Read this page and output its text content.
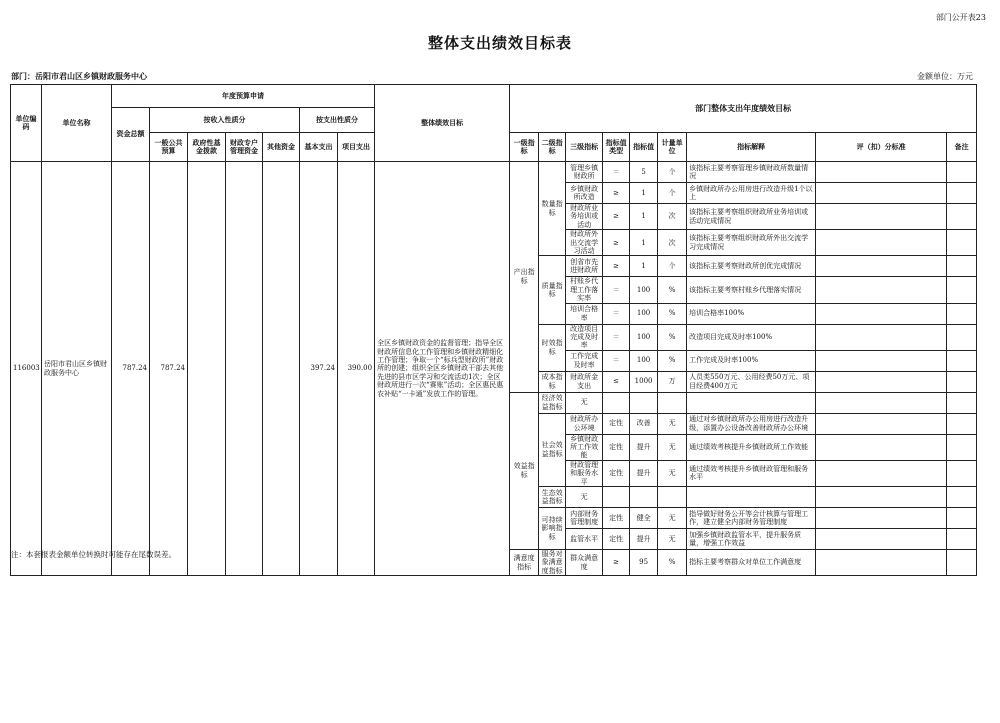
部门公开表23
整体支出绩效目标表
部门：岳阳市君山区乡镇财政服务中心	金额单位：万元
单位编码	单位名称	年度预算申请							整体绩效目标	部门整体支出年度绩效目标								
		资金总额	按收入性质分				按支出性质分											
			一般公共预算	政府性基金拨款	财政专户管理资金	其他资金	基本支出	项目支出		一级指标	二级指标	三级指标	指标值类型	指标值	计量单位	指标解释	评（扣）分标准	备注
116003	岳阳市君山区乡镇财政服务中心	787.24	787.24				397.24	390.00	全区乡镇财政资金的监督管理；指导全区财政所信息化工作管理和乡镇财政精细化工作管理；争取一个“标兵型财政所”财政所的创建；组织全区乡镇财政干部去其他先进的县市区学习和交流活动1次；全区财政所进行一次“赛账”活动；全区惠民惠农补贴“一卡通”发放工作的管理。	产出指标	数量指标	管理乡镇财政所	＝	5	个	该指标主要考察管理乡镇财政所数量情况		
												乡镇财政所改造	≥	1	个	乡镇财政所办公用房进行改造升级1个以上		
												财政所业务培训或活动	≥	1	次	该指标主要考察组织财政所业务培训或活动完成情况		
												财政所外出交流学习活动	≥	1	次	该指标主要考察组织财政所外出交流学习完成情况		
											质量指标	创省市先进财政所	≥	1	个	该指标主要考察财政所创优完成情况		
												村账乡代理工作落实率	＝	100	%	该指标主要考察村账乡代理落实情况		
												培训合格率	＝	100	%	培训合格率100%		
											时效指标	改造项目完成及时率	＝	100	%	改造项目完成及时率100%		
												工作完成及时率	＝	100	%	工作完成及时率100%		
											成本指标	财政所金支出	≤	1000	万	人员类550万元、公用经费50万元、项目经费400万元		
										效益指标	经济效益指标	无						
											社会效益指标	财政所办公环境	定性	改善	无	通过对乡镇财政所办公用房进行改造升级，添置办公设备改善财政所办公环境		
												乡镇财政所工作效能	定性	提升	无	通过绩效考核提升乡镇财政所工作效能		
												财政管理和服务水平	定性	提升	无	通过绩效考核提升乡镇财政管理和服务水平		
											生态效益指标	无						
											可持续影响指标	内部财务管理制度	定性	健全	无	指导做好财务公开等会计核算与管理工作，建立健全内部财务管理制度		
												监管水平	定性	提升	无	加强乡镇财政监管水平，提升服务质量，增强工作效益		
										满意度指标	服务对象满意度指标	群众满意度	≥	95	%	指标主要考察群众对单位工作满意度		
注：本套报表金额单位转换时可能存在尾数误差。
